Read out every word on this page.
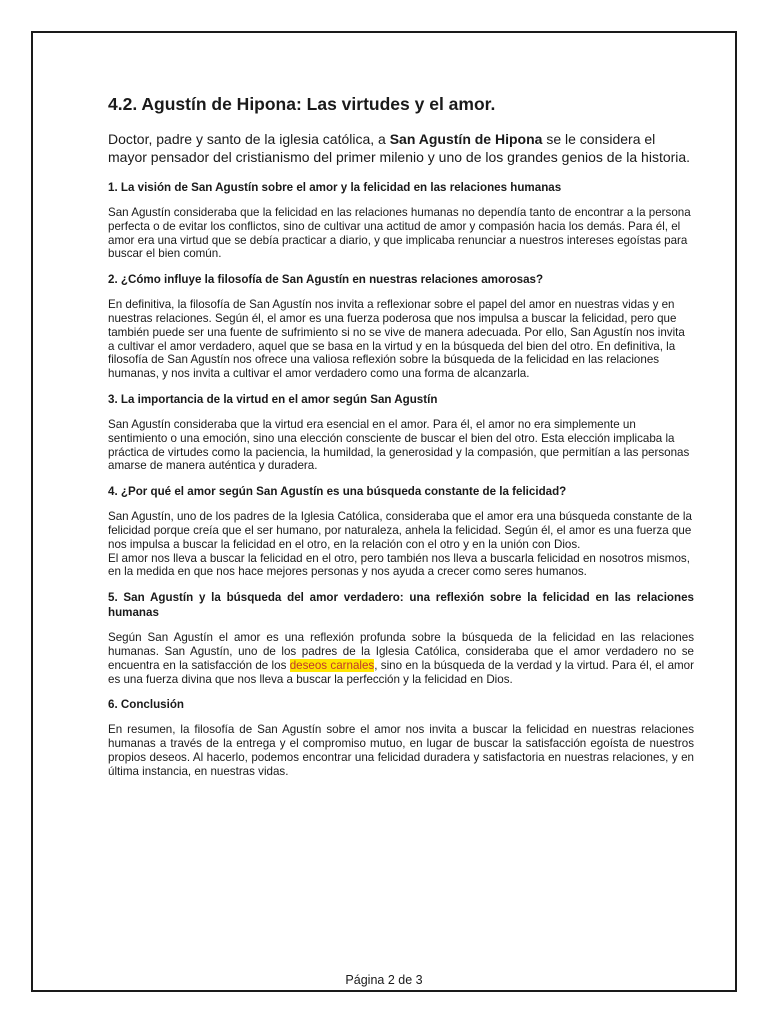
4.2. Agustín de Hipona: Las virtudes y el amor.

Doctor, padre y santo de la iglesia católica, a San Agustín de Hipona se le considera el mayor pensador del cristianismo del primer milenio y uno de los grandes genios de la historia.

1. La visión de San Agustín sobre el amor y la felicidad en las relaciones humanas

San Agustín consideraba que la felicidad en las relaciones humanas no dependía tanto de encontrar a la persona perfecta o de evitar los conflictos, sino de cultivar una actitud de amor y compasión hacia los demás. Para él, el amor era una virtud que se debía practicar a diario, y que implicaba renunciar a nuestros intereses egoístas para buscar el bien común.

2. ¿Cómo influye la filosofía de San Agustín en nuestras relaciones amorosas?

En definitiva, la filosofía de San Agustín nos invita a reflexionar sobre el papel del amor en nuestras vidas y en nuestras relaciones. Según él, el amor es una fuerza poderosa que nos impulsa a buscar la felicidad, pero que también puede ser una fuente de sufrimiento si no se vive de manera adecuada. Por ello, San Agustín nos invita a cultivar el amor verdadero, aquel que se basa en la virtud y en la búsqueda del bien del otro. En definitiva, la filosofía de San Agustín nos ofrece una valiosa reflexión sobre la búsqueda de la felicidad en las relaciones humanas, y nos invita a cultivar el amor verdadero como una forma de alcanzarla.

3. La importancia de la virtud en el amor según San Agustín

San Agustín consideraba que la virtud era esencial en el amor. Para él, el amor no era simplemente un sentimiento o una emoción, sino una elección consciente de buscar el bien del otro. Esta elección implicaba la práctica de virtudes como la paciencia, la humildad, la generosidad y la compasión, que permitían a las personas amarse de manera auténtica y duradera.

4. ¿Por qué el amor según San Agustín es una búsqueda constante de la felicidad?

San Agustín, uno de los padres de la Iglesia Católica, consideraba que el amor era una búsqueda constante de la felicidad porque creía que el ser humano, por naturaleza, anhela la felicidad. Según él, el amor es una fuerza que nos impulsa a buscar la felicidad en el otro, en la relación con el otro y en la unión con Dios.

El amor nos lleva a buscar la felicidad en el otro, pero también nos lleva a buscarla felicidad en nosotros mismos, en la medida en que nos hace mejores personas y nos ayuda a crecer como seres humanos.

5. San Agustín y la búsqueda del amor verdadero: una reflexión sobre la felicidad en las relaciones humanas

Según San Agustín el amor es una reflexión profunda sobre la búsqueda de la felicidad en las relaciones humanas. San Agustín, uno de los padres de la Iglesia Católica, consideraba que el amor verdadero no se encuentra en la satisfacción de los deseos carnales, sino en la búsqueda de la verdad y la virtud. Para él, el amor es una fuerza divina que nos lleva a buscar la perfección y la felicidad en Dios.

6. Conclusión

En resumen, la filosofía de San Agustín sobre el amor nos invita a buscar la felicidad en nuestras relaciones humanas a través de la entrega y el compromiso mutuo, en lugar de buscar la satisfacción egoísta de nuestros propios deseos. Al hacerlo, podemos encontrar una felicidad duradera y satisfactoria en nuestras relaciones, y en última instancia, en nuestras vidas.

Página 2 de 3
